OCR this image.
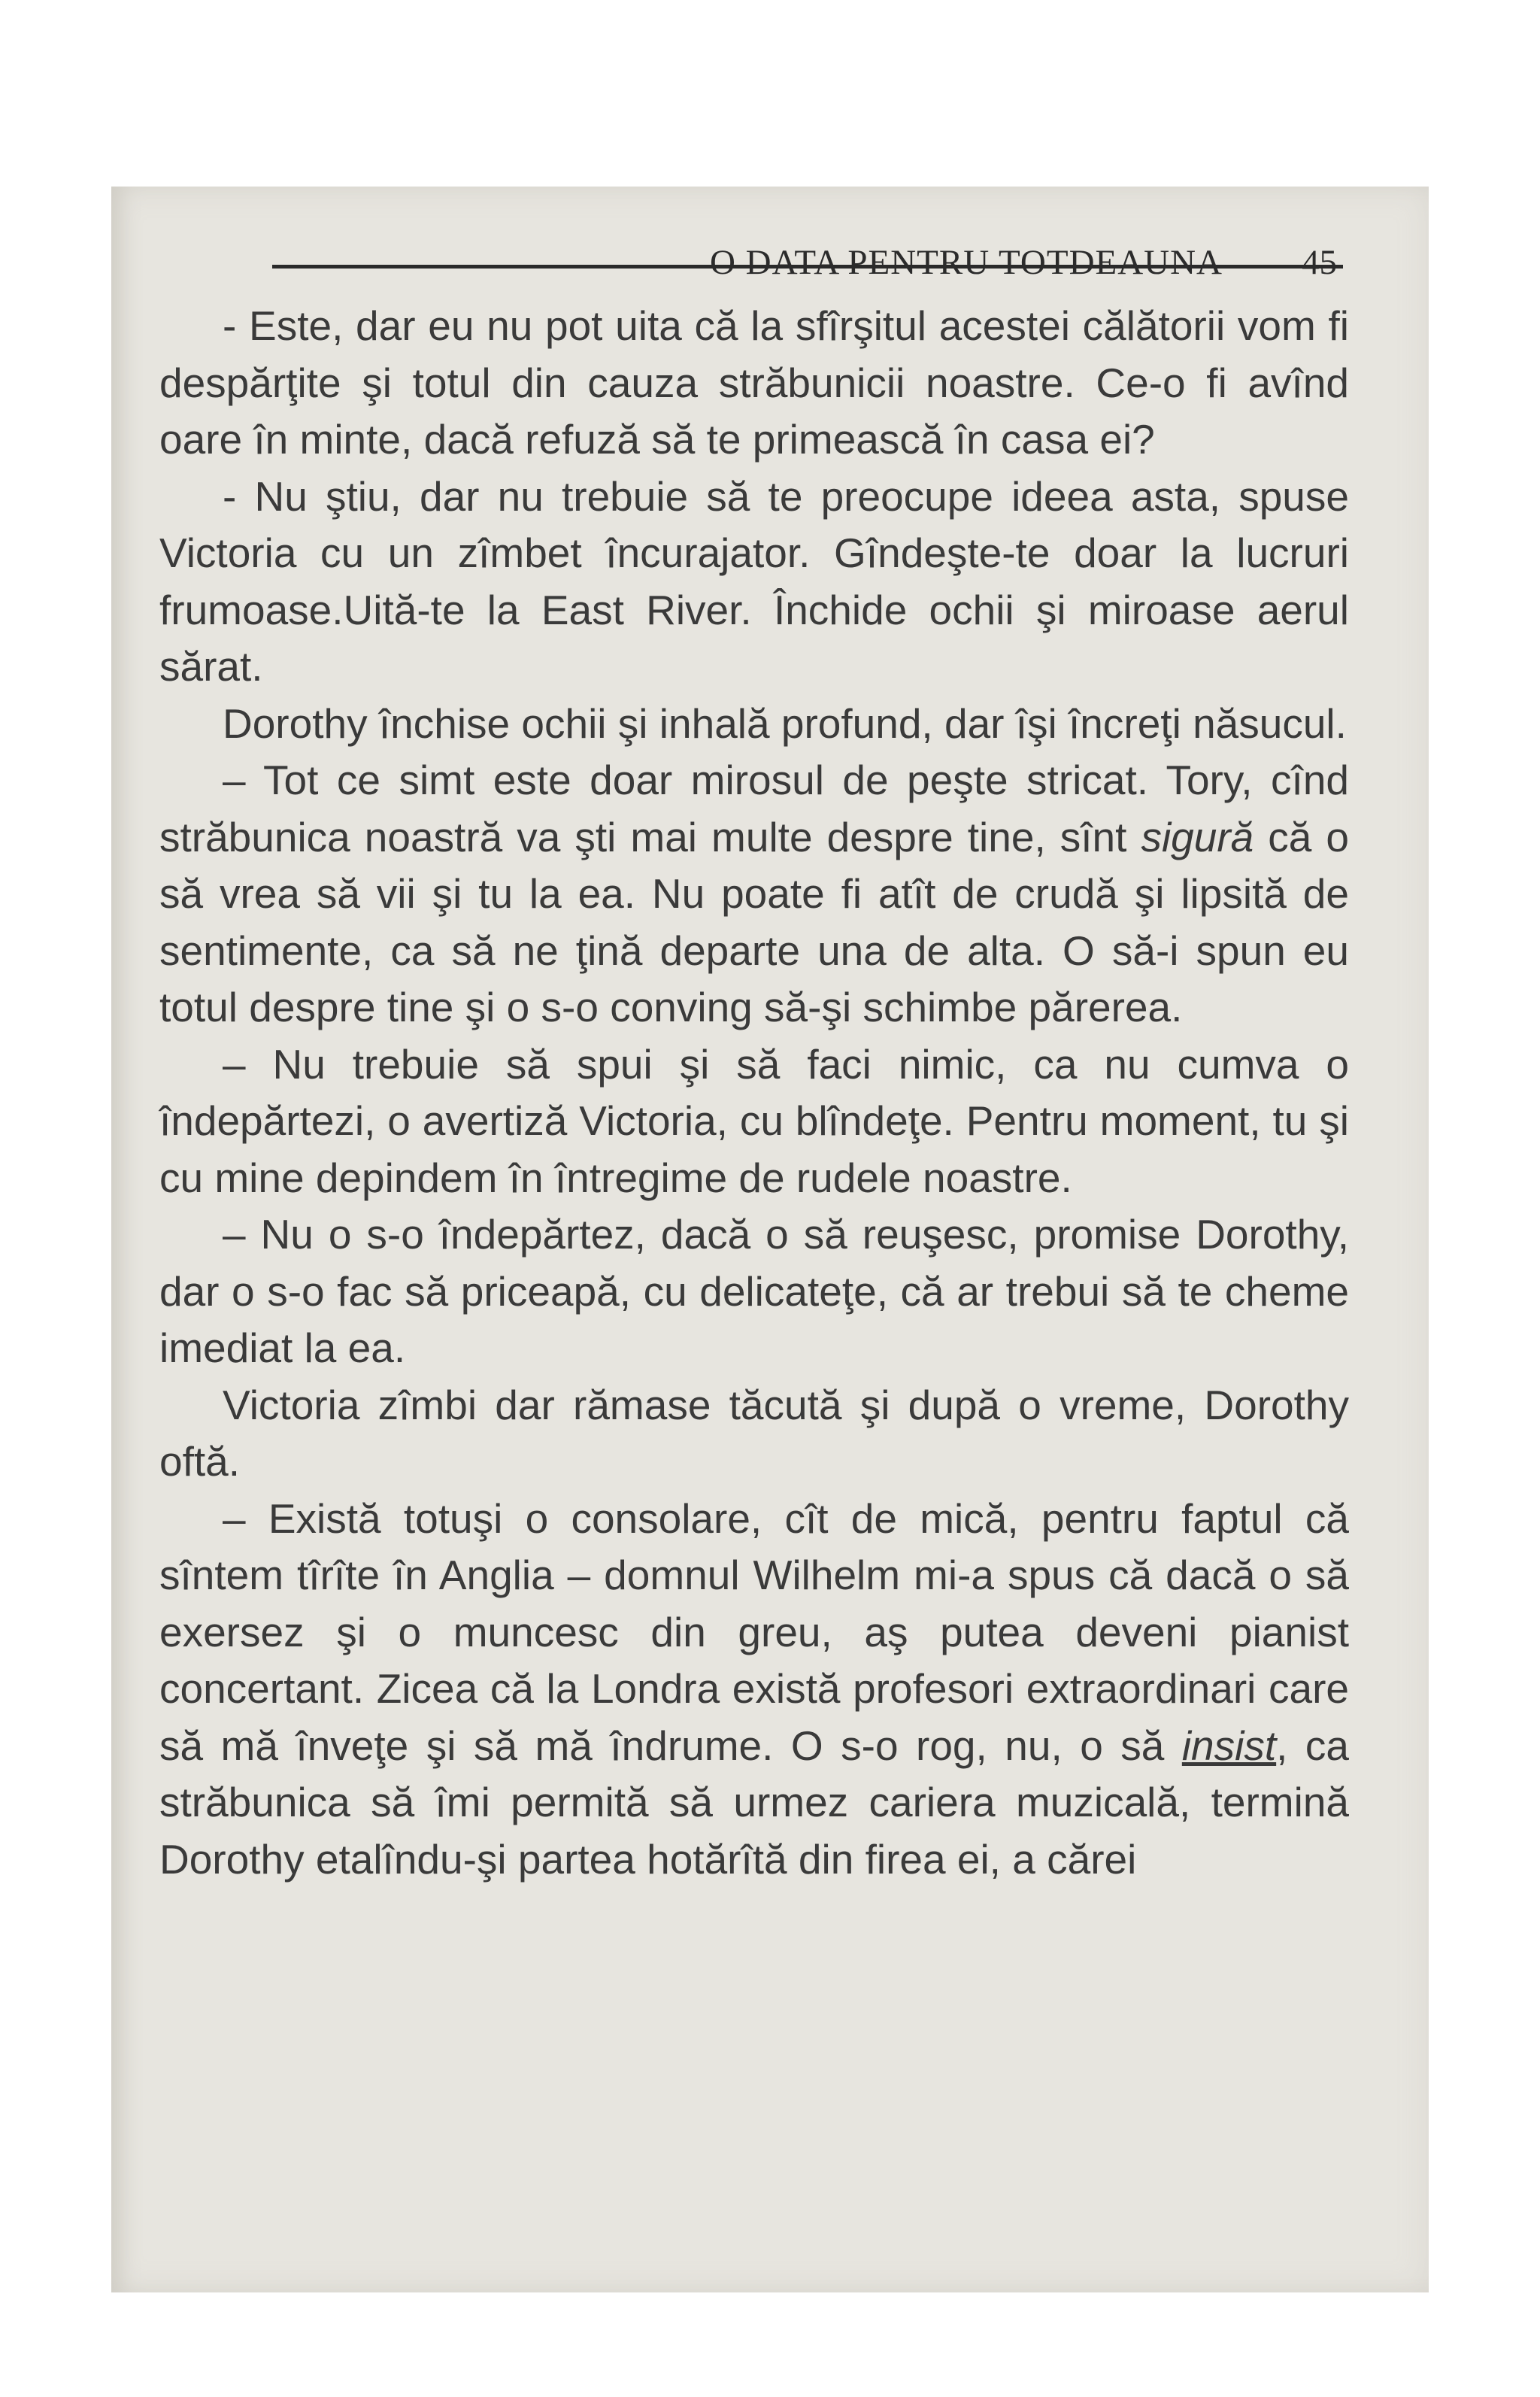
O DATA PENTRU TOTDEAUNA 45

- Este, dar eu nu pot uita că la sfîrşitul acestei călătorii vom fi despărţite şi totul din cauza străbunicii noastre. Ce-o fi avînd oare în minte, dacă refuză să te primească în casa ei?

- Nu ştiu, dar nu trebuie să te preocupe ideea asta, spuse Victoria cu un zîmbet încurajator. Gîndeşte-te doar la lucruri frumoase.Uită-te la East River. Închide ochii şi miroase aerul sărat.

Dorothy închise ochii şi inhală profund, dar îşi încreţi năsucul.

– Tot ce simt este doar mirosul de peşte stricat. Tory, cînd străbunica noastră va şti mai multe despre tine, sînt sigură că o să vrea să vii şi tu la ea. Nu poate fi atît de crudă şi lipsită de sentimente, ca să ne ţină departe una de alta. O să-i spun eu totul despre tine şi o s-o conving să-şi schimbe părerea.

– Nu trebuie să spui şi să faci nimic, ca nu cumva o îndepărtezi, o avertiză Victoria, cu blîndeţe. Pentru moment, tu şi cu mine depindem în întregime de rudele noastre.

– Nu o s-o îndepărtez, dacă o să reuşesc, promise Dorothy, dar o s-o fac să priceapă, cu delicateţe, că ar trebui să te cheme imediat la ea.

Victoria zîmbi dar rămase tăcută şi după o vreme, Dorothy oftă.

– Există totuşi o consolare, cît de mică, pentru faptul că sîntem tîrîte în Anglia – domnul Wilhelm mi-a spus că dacă o să exersez şi o muncesc din greu, aş putea deveni pianist concertant. Zicea că la Londra există profesori extraordinari care să mă înveţe şi să mă îndrume. O s-o rog, nu, o să insist, ca străbunica să îmi permită să urmez cariera muzicală, termină Dorothy etalîndu-şi partea hotărîtă din firea ei, a cărei
